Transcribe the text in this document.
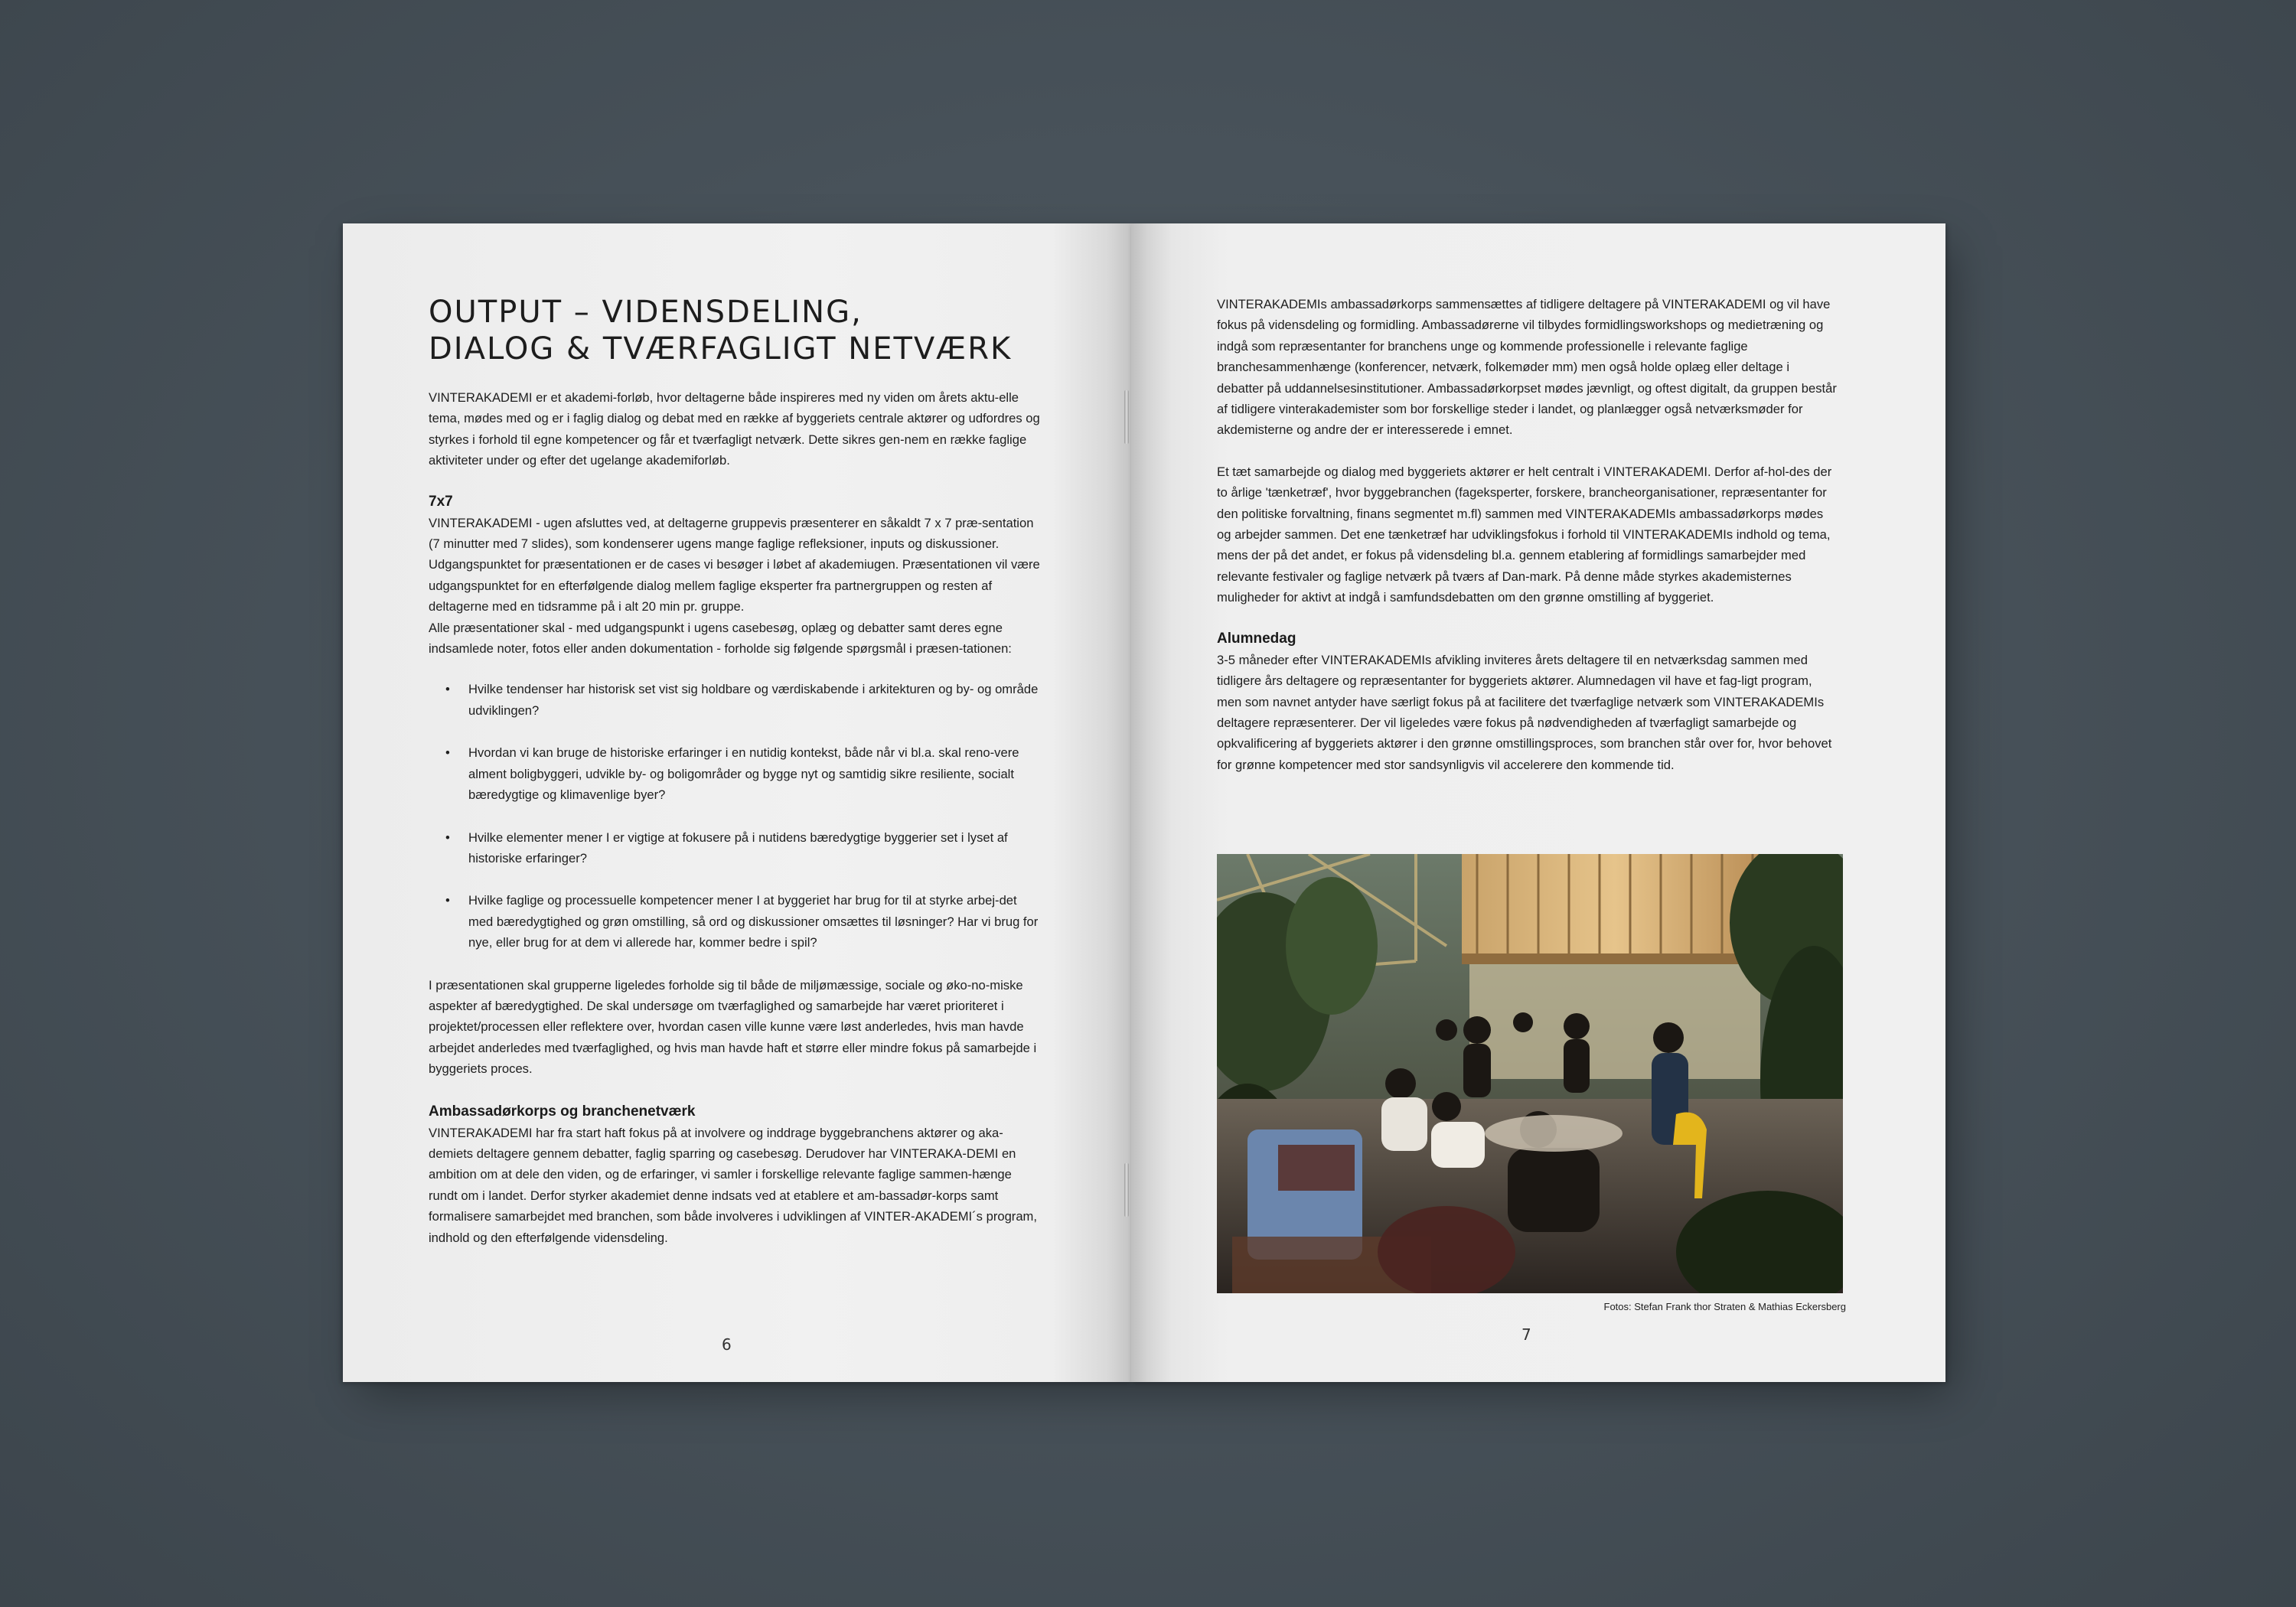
OUTPUT – VIDENSDELING,
DIALOG & TVÆRFAGLIGT NETVÆRK

VINTERAKADEMI er et akademi-forløb, hvor deltagerne både inspireres med ny viden om årets aktu-elle tema, mødes med og er i faglig dialog og debat med en række af byggeriets centrale aktører og udfordres og styrkes i forhold til egne kompetencer og får et tværfagligt netværk. Dette sikres gen-nem en række faglige aktiviteter under og efter det ugelange akademiforløb.

7x7

VINTERAKADEMI - ugen afsluttes ved, at deltagerne gruppevis præsenterer en såkaldt 7 x 7 præ-sentation (7 minutter med 7 slides), som kondenserer ugens mange faglige refleksioner, inputs og diskussioner. Udgangspunktet for præsentationen er de cases vi besøger i løbet af akademiugen. Præsentationen vil være udgangspunktet for en efterfølgende dialog mellem faglige eksperter fra partnergruppen og resten af deltagerne med en tidsramme på i alt 20 min pr. gruppe.

Alle præsentationer skal - med udgangspunkt i ugens casebesøg, oplæg og debatter samt deres egne indsamlede noter, fotos eller anden dokumentation - forholde sig følgende spørgsmål i præsen-tationen:

• Hvilke tendenser har historisk set vist sig holdbare og værdiskabende i arkitekturen og by- og område udviklingen?
• Hvordan vi kan bruge de historiske erfaringer i en nutidig kontekst, både når vi bl.a. skal reno-vere alment boligbyggeri, udvikle by- og boligområder og bygge nyt og samtidig sikre resiliente, socialt bæredygtige og klimavenlige byer?
• Hvilke elementer mener I er vigtige at fokusere på i nutidens bæredygtige byggerier set i lyset af historiske erfaringer?
• Hvilke faglige og processuelle kompetencer mener I at byggeriet har brug for til at styrke arbej-det med bæredygtighed og grøn omstilling, så ord og diskussioner omsættes til løsninger? Har vi brug for nye, eller brug for at dem vi allerede har, kommer bedre i spil?

I præsentationen skal grupperne ligeledes forholde sig til både de miljømæssige, sociale og øko-no-miske aspekter af bæredygtighed. De skal undersøge om tværfaglighed og samarbejde har været prioriteret i projektet/processen eller reflektere over, hvordan casen ville kunne være løst anderledes, hvis man havde arbejdet anderledes med tværfaglighed, og hvis man havde haft et større eller mindre fokus på samarbejde i byggeriets proces.

Ambassadørkorps og branchenetværk

VINTERAKADEMI har fra start haft fokus på at involvere og inddrage byggebranchens aktører og aka-demiets deltagere gennem debatter, faglig sparring og casebesøg. Derudover har VINTERAKA-DEMI en ambition om at dele den viden, og de erfaringer, vi samler i forskellige relevante faglige sammen-hænge rundt om i landet. Derfor styrker akademiet denne indsats ved at etablere et am-bassadør-korps samt formalisere samarbejdet med branchen, som både involveres i udviklingen af VINTER-AKADEMI´s program, indhold og den efterfølgende vidensdeling.

6

VINTERAKADEMIs ambassadørkorps sammensættes af tidligere deltagere på VINTERAKADEMI og vil have fokus på vidensdeling og formidling. Ambassadørerne vil tilbydes formidlingsworkshops og medietræning og indgå som repræsentanter for branchens unge og kommende professionelle i relevante faglige branchesammenhænge (konferencer, netværk, folkemøder mm) men også holde oplæg eller deltage i debatter på uddannelsesinstitutioner. Ambassadørkorpset mødes jævnligt, og oftest digitalt, da gruppen består af tidligere vinterakademister som bor forskellige steder i landet, og planlægger også netværksmøder for akdemisterne og andre der er interesserede i emnet.

Et tæt samarbejde og dialog med byggeriets aktører er helt centralt i VINTERAKADEMI. Derfor af-hol-des der to årlige 'tænketræf', hvor byggebranchen (fageksperter, forskere, brancheorganisationer, repræsentanter for den politiske forvaltning, finans segmentet m.fl) sammen med VINTERAKADEMIs ambassadørkorps mødes og arbejder sammen. Det ene tænketræf har udviklingsfokus i forhold til VINTERAKADEMIs indhold og tema, mens der på det andet, er fokus på vidensdeling bl.a. gennem etablering af formidlings samarbejder med relevante festivaler og faglige netværk på tværs af Dan-mark. På denne måde styrkes akademisternes muligheder for aktivt at indgå i samfundsdebatten om den grønne omstilling af byggeriet.

Alumnedag

3-5 måneder efter VINTERAKADEMIs afvikling inviteres årets deltagere til en netværksdag sammen med tidligere års deltagere og repræsentanter for byggeriets aktører. Alumnedagen vil have et fag-ligt program, men som navnet antyder have særligt fokus på at facilitere det tværfaglige netværk som VINTERAKADEMIs deltagere repræsenterer. Der vil ligeledes være fokus på nødvendigheden af tværfagligt samarbejde og opkvalificering af byggeriets aktører i den grønne omstillingsproces, som branchen står over for, hvor behovet for grønne kompetencer med stor sandsynligvis vil accelerere den kommende tid.

Fotos: Stefan Frank thor Straten & Mathias Eckersberg
7
